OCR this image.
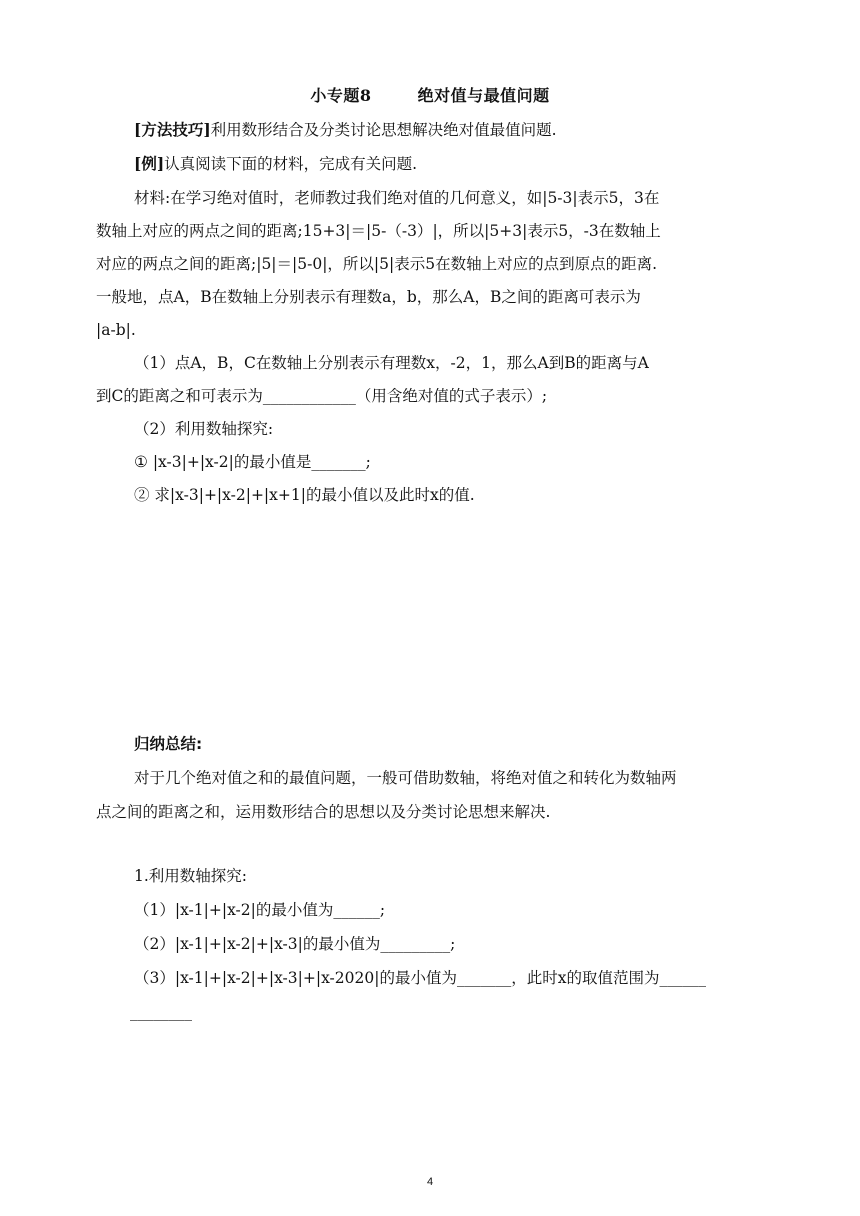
小专题8	绝对值与最值问题
[方法技巧]利用数形结合及分类讨论思想解决绝对值最值问题.
[例]认真阅读下面的材料，完成有关问题.
材料:在学习绝对值时，老师教过我们绝对值的几何意义，如|5-3|表示5，3在
数轴上对应的两点之间的距离;15+3|＝|5-（-3）|，所以|5+3|表示5，-3在数轴上
对应的两点之间的距离;|5|＝|5-0|，所以|5|表示5在数轴上对应的点到原点的距离.
一般地，点A，B在数轴上分别表示有理数a，b，那么A，B之间的距离可表示为
|a-b|.
（1）点A，B，C在数轴上分别表示有理数x，-2，1，那么A到B的距离与A
到C的距离之和可表示为____________（用含绝对值的式子表示）;
（2）利用数轴探究:
① |x-3|+|x-2|的最小值是_______;
② 求|x-3|+|x-2|+|x+1|的最小值以及此时x的值.
归纳总结:
对于几个绝对值之和的最值问题，一般可借助数轴，将绝对值之和转化为数轴两
点之间的距离之和，运用数形结合的思想以及分类讨论思想来解决.
1.利用数轴探究:
（1）|x-1|+|x-2|的最小值为______;
（2）|x-1|+|x-2|+|x-3|的最小值为_________;
（3）|x-1|+|x-2|+|x-3|+|x-2020|的最小值为_______，此时x的取值范围为______
________
4
